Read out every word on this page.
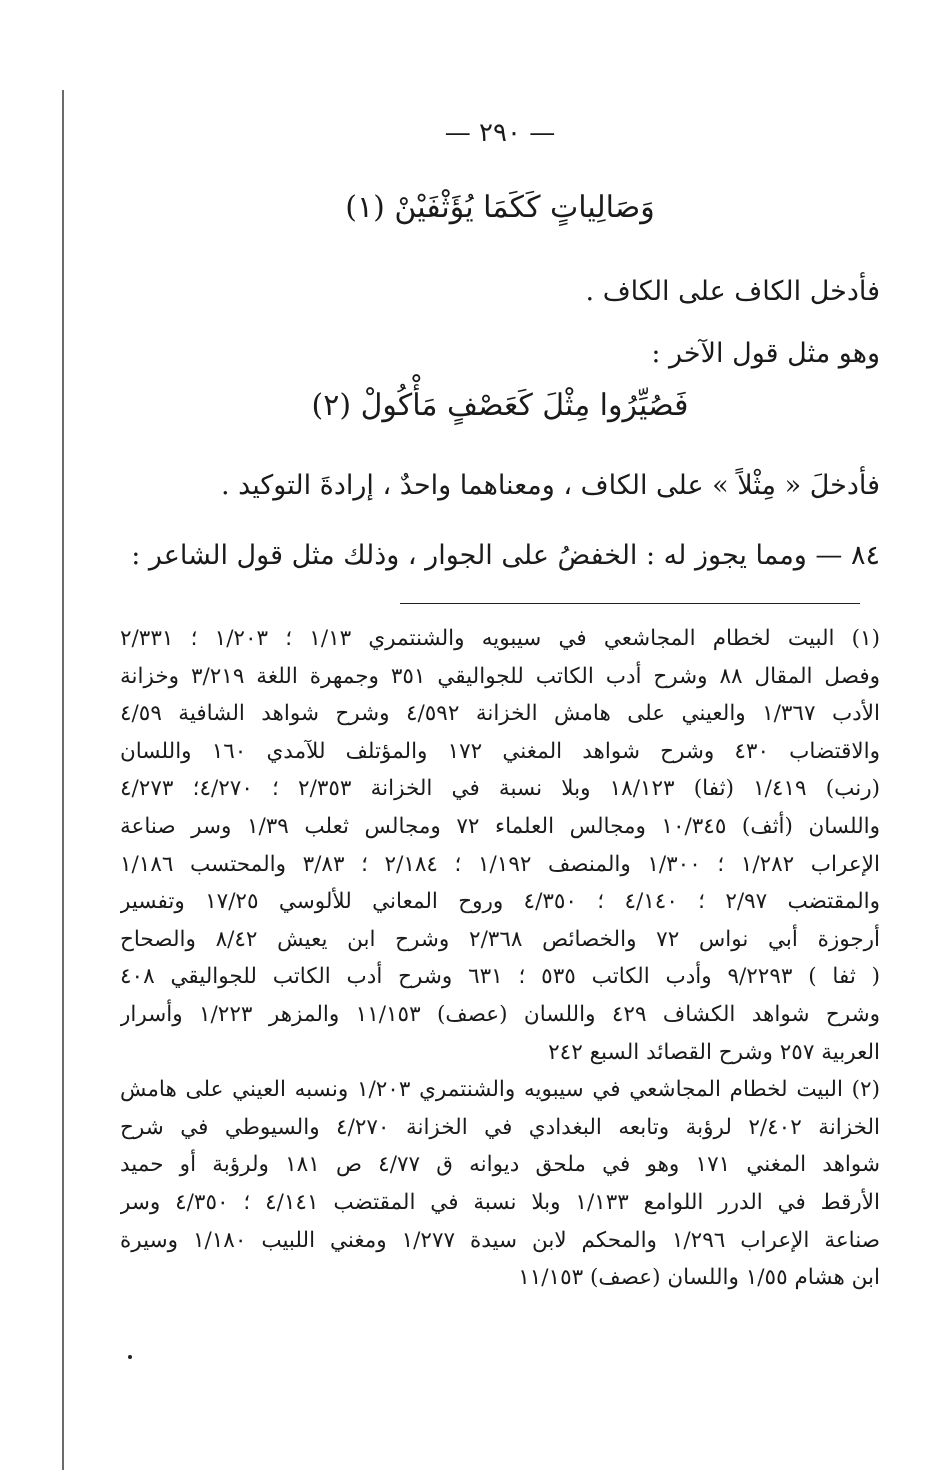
— ٢٩٠ —
وَصَالِياتٍ كَكَمَا يُؤَثْفَيْنْ (١)
فأدخل الكاف على الكاف .
وهو مثل قول الآخر :
فَصُيِّرُوا مِثْلَ كَعَصْفٍ مَأْكُولْ (٢)
فأدخلَ « مِثْلاً » على الكاف ، ومعناهما واحدٌ ، إرادةَ التوكيد .
٨٤ — ومما يجوز له : الخفضُ على الجوار ، وذلك مثل قول الشاعر :
(١) البيت لخطام المجاشعي في سيبويه والشنتمري ١/١٣ ؛ ١/٢٠٣ ؛ ٢/٣٣١
وفصل المقال ٨٨ وشرح أدب الكاتب للجواليقي ٣٥١ وجمهرة اللغة ٣/٢١٩ وخزانة
الأدب ١/٣٦٧ والعيني على هامش الخزانة ٤/٥٩٢ وشرح شواهد الشافية ٤/٥٩
والاقتضاب ٤٣٠ وشرح شواهد المغني ١٧٢ والمؤتلف للآمدي ١٦٠ واللسان
(رنب) ١/٤١٩ (ثفا) ١٨/١٢٣ وبلا نسبة في الخزانة ٢/٣٥٣ ؛ ٤/٢٧٠؛ ٤/٢٧٣
واللسان (أثف) ١٠/٣٤٥ ومجالس العلماء ٧٢ ومجالس ثعلب ١/٣٩ وسر صناعة
الإعراب ١/٢٨٢ ؛ ١/٣٠٠ والمنصف ١/١٩٢ ؛ ٢/١٨٤ ؛ ٣/٨٣ والمحتسب ١/١٨٦
والمقتضب ٢/٩٧ ؛ ٤/١٤٠ ؛ ٤/٣٥٠ وروح المعاني للألوسي ١٧/٢٥ وتفسير
أرجوزة أبي نواس ٧٢ والخصائص ٢/٣٦٨ وشرح ابن يعيش ٨/٤٢ والصحاح
( ثفا ) ٩/٢٢٩٣ وأدب الكاتب ٥٣٥ ؛ ٦٣١ وشرح أدب الكاتب للجواليقي ٤٠٨
وشرح شواهد الكشاف ٤٢٩ واللسان (عصف) ١١/١٥٣ والمزهر ١/٢٢٣ وأسرار
العربية ٢٥٧ وشرح القصائد السبع ٢٤٢
(٢) البيت لخطام المجاشعي في سيبويه والشنتمري ١/٢٠٣ ونسبه العيني على هامش
الخزانة ٢/٤٠٢ لرؤبة وتابعه البغدادي في الخزانة ٤/٢٧٠ والسيوطي في شرح
شواهد المغني ١٧١ وهو في ملحق ديوانه ق ٤/٧٧ ص ١٨١ ولرؤبة أو حميد
الأرقط في الدرر اللوامع ١/١٣٣ وبلا نسبة في المقتضب ٤/١٤١ ؛ ٤/٣٥٠ وسر
صناعة الإعراب ١/٢٩٦ والمحكم لابن سيدة ١/٢٧٧ ومغني اللبيب ١/١٨٠ وسيرة
ابن هشام ١/٥٥ واللسان (عصف) ١١/١٥٣
